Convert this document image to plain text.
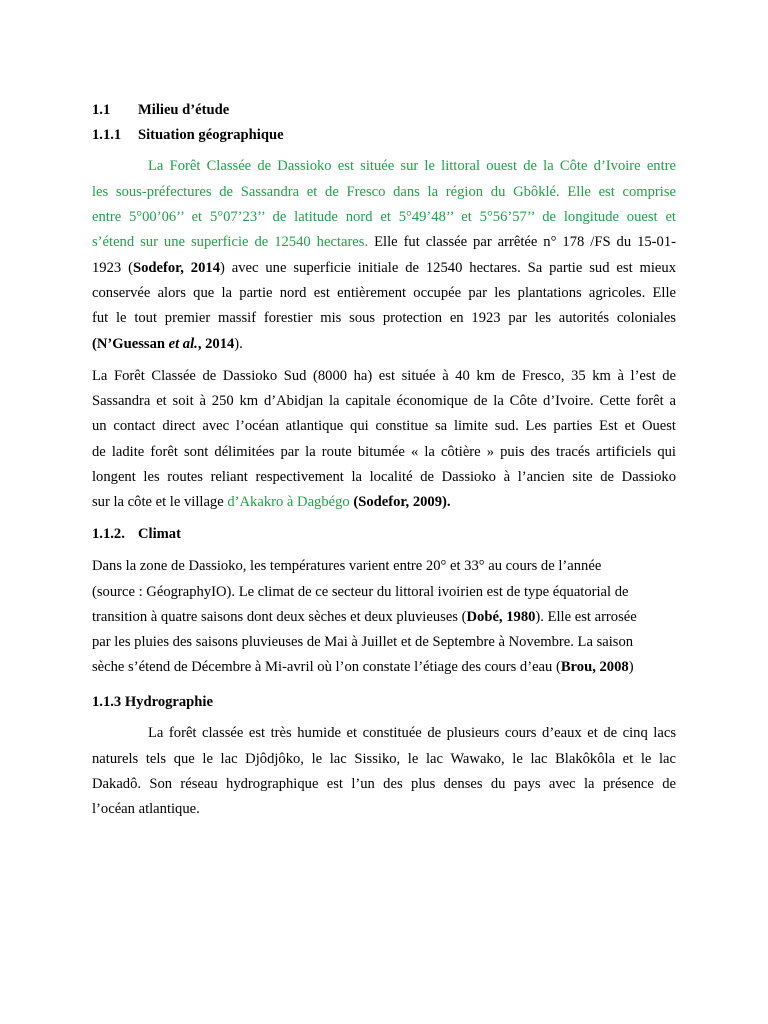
1.1 Milieu d’étude
1.1.1 Situation géographique
La Forêt Classée de Dassioko est située sur le littoral ouest de la Côte d’Ivoire entre
les sous-préfectures de Sassandra et de Fresco dans la région du Gbôklé. Elle est comprise
entre 5°00’06’’ et 5°07’23’’ de latitude nord et 5°49’48’’ et 5°56’57’’ de longitude ouest et
s’étend sur une superficie de 12540 hectares. Elle fut classée par arrêtée n° 178 /FS du 15-01-
1923 (Sodefor, 2014) avec une superficie initiale de 12540 hectares. Sa partie sud est mieux
conservée alors que la partie nord est entièrement occupée par les plantations agricoles. Elle
fut le tout premier massif forestier mis sous protection en 1923 par les autorités coloniales
(N’Guessan et al., 2014).
La Forêt Classée de Dassioko Sud (8000 ha) est située à 40 km de Fresco, 35 km à l’est de
Sassandra et soit à 250 km d’Abidjan la capitale économique de la Côte d’Ivoire. Cette forêt a
un contact direct avec l’océan atlantique qui constitue sa limite sud. Les parties Est et Ouest
de ladite forêt sont délimitées par la route bitumée « la côtière » puis des tracés artificiels qui
longent les routes reliant respectivement la localité de Dassioko à l’ancien site de Dassioko
sur la côte et le village d’Akakro à Dagbégo (Sodefor, 2009).
1.1.2. Climat
Dans la zone de Dassioko, les températures varient entre 20° et 33° au cours de l’année
(source : GéographyIO). Le climat de ce secteur du littoral ivoirien est de type équatorial de
transition à quatre saisons dont deux sèches et deux pluvieuses (Dobé, 1980). Elle est arrosée
par les pluies des saisons pluvieuses de Mai à Juillet et de Septembre à Novembre. La saison
sèche s’étend de Décembre à Mi-avril où l’on constate l’étiage des cours d’eau (Brou, 2008)
1.1.3 Hydrographie
La forêt classée est très humide et constituée de plusieurs cours d’eaux et de cinq lacs
naturels tels que le lac Djôdjôko, le lac Sissiko, le lac Wawako, le lac Blakôkôla et le lac
Dakadô. Son réseau hydrographique est l’un des plus denses du pays avec la présence de
l’océan atlantique.
